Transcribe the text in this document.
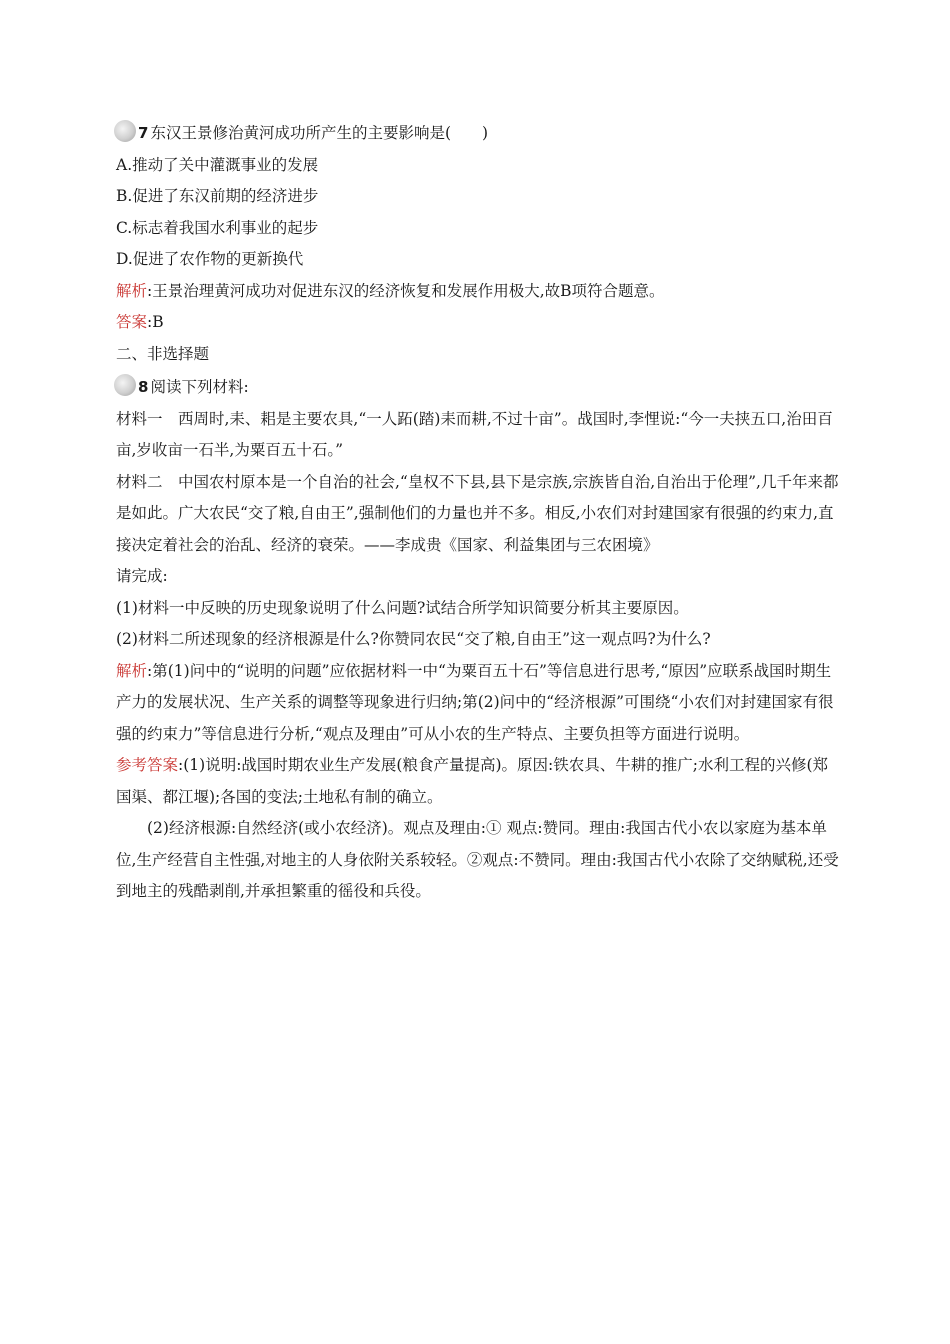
7 东汉王景修治黄河成功所产生的主要影响是(　　)
A.推动了关中灌溉事业的发展
B.促进了东汉前期的经济进步
C.标志着我国水利事业的起步
D.促进了农作物的更新换代
解析:王景治理黄河成功对促进东汉的经济恢复和发展作用极大,故B项符合题意。
答案:B
二、非选择题
8 阅读下列材料:
材料一　西周时,耒、耜是主要农具,“一人跖(踏)耒而耕,不过十亩”。战国时,李悝说:“今一夫挟五口,治田百亩,岁收亩一石半,为粟百五十石。”
材料二　中国农村原本是一个自治的社会,“皇权不下县,县下是宗族,宗族皆自治,自治出于伦理”,几千年来都是如此。广大农民“交了粮,自由王”,强制他们的力量也并不多。相反,小农们对封建国家有很强的约束力,直接决定着社会的治乱、经济的衰荣。——李成贵《国家、利益集团与三农困境》
请完成:
(1)材料一中反映的历史现象说明了什么问题?试结合所学知识简要分析其主要原因。
(2)材料二所述现象的经济根源是什么?你赞同农民“交了粮,自由王”这一观点吗?为什么?
解析:第(1)问中的“说明的问题”应依据材料一中“为粟百五十石”等信息进行思考,“原因”应联系战国时期生产力的发展状况、生产关系的调整等现象进行归纳;第(2)问中的“经济根源”可围绕“小农们对封建国家有很强的约束力”等信息进行分析,“观点及理由”可从小农的生产特点、主要负担等方面进行说明。
参考答案:(1)说明:战国时期农业生产发展(粮食产量提高)。原因:铁农具、牛耕的推广;水利工程的兴修(郑国渠、都江堰);各国的变法;土地私有制的确立。
(2)经济根源:自然经济(或小农经济)。观点及理由:① 观点:赞同。理由:我国古代小农以家庭为基本单位,生产经营自主性强,对地主的人身依附关系较轻。②观点:不赞同。理由:我国古代小农除了交纳赋税,还受到地主的残酷剥削,并承担繁重的徭役和兵役。
